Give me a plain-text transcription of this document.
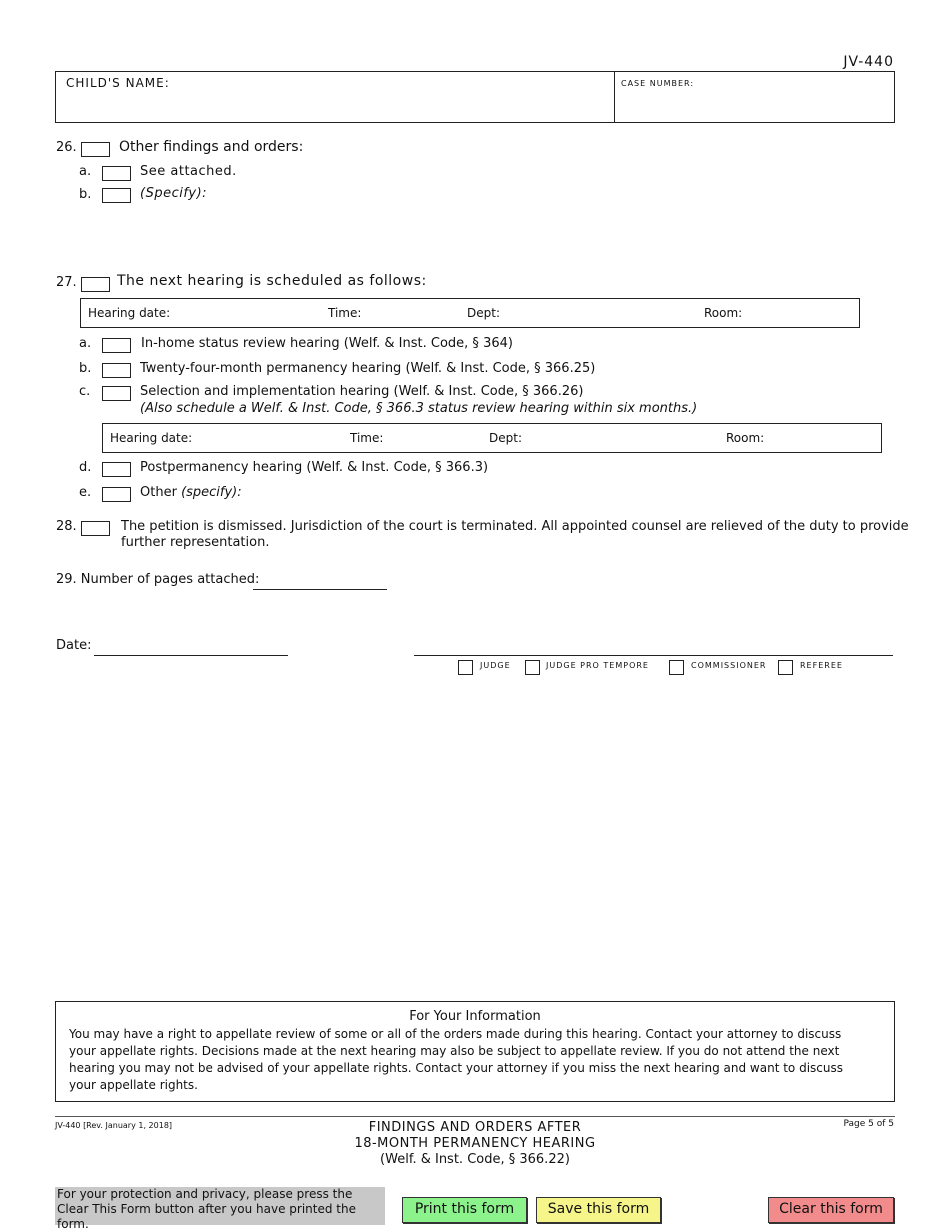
JV-440
CHILD'S NAME:	CASE NUMBER:
26.	Other findings and orders:
a.	See attached.
b.	(Specify):
27.	The next hearing is scheduled as follows:
Hearing date:	Time:	Dept:	Room:
a.	In-home status review hearing (Welf. & Inst. Code, § 364)
b.	Twenty-four-month permanency hearing (Welf. & Inst. Code, § 366.25)
c.	Selection and implementation hearing (Welf. & Inst. Code, § 366.26)
(Also schedule a Welf. & Inst. Code, § 366.3 status review hearing within six months.)
Hearing date:	Time:	Dept:	Room:
d.	Postpermanency hearing (Welf. & Inst. Code, § 366.3)
e.	Other (specify):
28.	The petition is dismissed. Jurisdiction of the court is terminated. All appointed counsel are relieved of the duty to provide
further representation.
29. Number of pages attached:
Date:
JUDGE	JUDGE PRO TEMPORE	COMMISSIONER	REFEREE
For Your Information
You may have a right to appellate review of some or all of the orders made during this hearing. Contact your attorney to discuss your appellate rights. Decisions made at the next hearing may also be subject to appellate review. If you do not attend the next hearing you may not be advised of your appellate rights. Contact your attorney if you miss the next hearing and want to discuss your appellate rights.
JV-440 [Rev. January 1, 2018]	Page 5 of 5
FINDINGS AND ORDERS AFTER
18-MONTH PERMANENCY HEARING
(Welf. & Inst. Code, § 366.22)
For your protection and privacy, please press the Clear This Form button after you have printed the form.
Print this form	Save this form	Clear this form
